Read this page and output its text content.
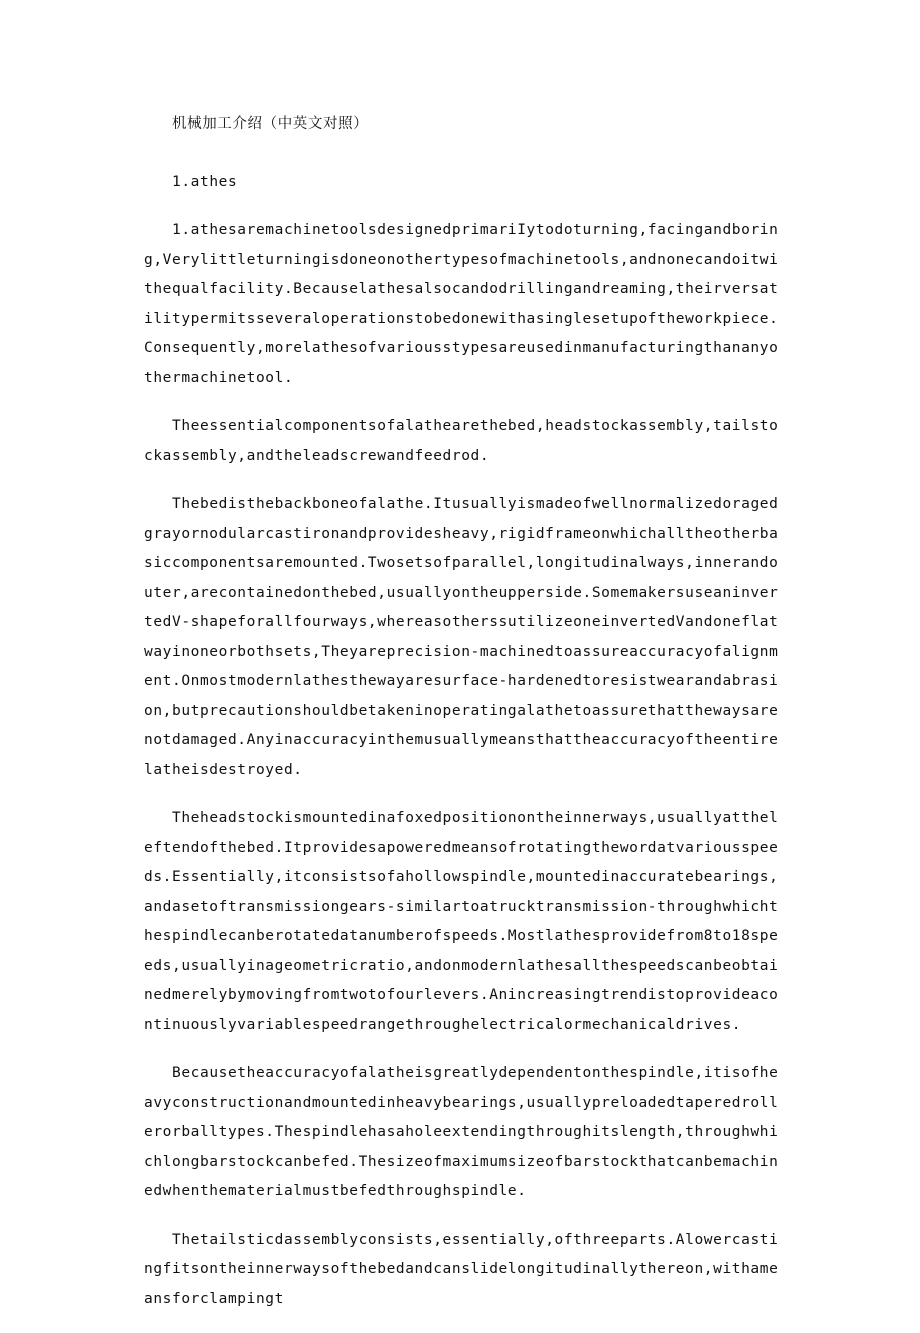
机械加工介绍（中英文对照）
1.athes
1.athesaremachinetoolsdesignedprimariIytodoturning,facingandboring,Verylittleturningisdoneonothertypesofmachinetools,andnonecandoitwithequalfacility.Becauselathesalsocandodrillingandreaming,theirversatilitypermitsseveraloperationstobedonewithasinglesetupoftheworkpiece.Consequently,morelathesofvariousstypesareusedinmanufacturingthananyothermachinetool.
Theessentialcomponentsofalathearethebed,headstockassembly,tailstockassembly,andtheleadscrewandfeedrod.
Thebedisthebackboneofalathe.Itusuallyismadeofwellnormalizedoragedgrayornodularcastironandprovidesheavy,rigidframeonwhichalltheotherbasiccomponentsaremounted.Twosetsofparallel,longitudinalways,innerandouter,arecontainedonthebed,usuallyontheupperside.SomemakersuseaninvertedV-shapeforallfourways,whereasotherssutilizeoneinvertedVandoneflatwayinoneorbothsets,Theyareprecision-machinedtoassureaccuracyofalignment.Onmostmodernlathesthewayaresurface-hardenedtoresistwearandabrasion,butprecautionshouldbetakeninoperatingalathetoassurethatthewaysarenotdamaged.Anyinaccuracyinthemusuallymeansthattheaccuracyoftheentirelatheisdestroyed.
Theheadstockismountedinafoxedpositionontheinnerways,usuallyattheleftendofthebed.Itprovidesapoweredmeansofrotatingthewordatvariousspeeds.Essentially,itconsistsofahollowspindle,mountedinaccuratebearings,andasetoftransmissiongears-similartoatrucktransmission-throughwhichthespindlecanberotatedatanumberofspeeds.Mostlathesprovidefrom8to18speeds,usuallyinageometricratio,andonmodernlathesallthespeedscanbeobtainedmerelybymovingfromtwotofourlevers.Anincreasingtrendistoprovideacontinuouslyvariablespeedrangethroughelectricalormechanicaldrives.
Becausetheaccuracyofalatheisgreatlydependentonthespindle,itisofheavyconstructionandmountedinheavybearings,usuallypreloadedtaperedrollerorballtypes.Thespindlehasaholeextendingthroughitslength,throughwhichlongbarstockcanbefed.Thesizeofmaximumsizeofbarstockthatcanbemachinedwhenthematerialmustbefedthroughspindle.
Thetailsticdassemblyconsists,essentially,ofthreeparts.Alowercastingfitsontheinnerwaysofthebedandcanslidelongitudinallythereon,withameansforclampingt
